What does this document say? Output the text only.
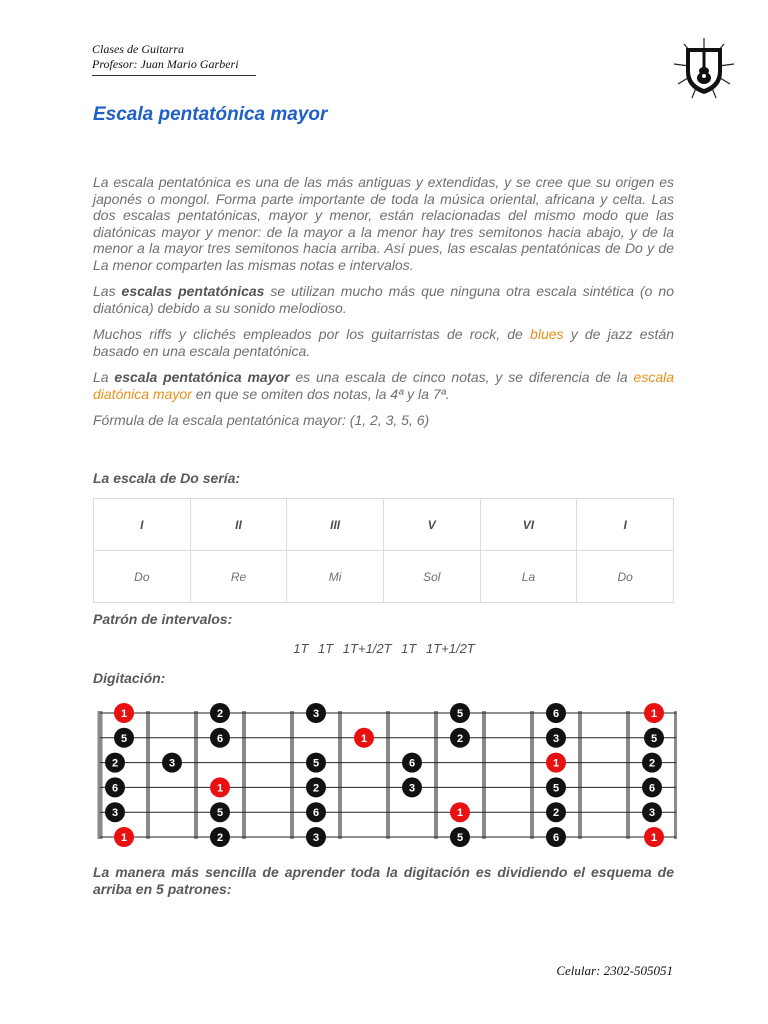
Clases de Guitarra
Profesor: Juan Mario Garberi
Escala pentatónica mayor

La escala pentatónica es una de las más antiguas y extendidas, y se cree que su origen es japonés o mongol. Forma parte importante de toda la música oriental, africana y celta. Las dos escalas pentatónicas, mayor y menor, están relacionadas del mismo modo que las diatónicas mayor y menor: de la mayor a la menor hay tres semitonos hacia abajo, y de la menor a la mayor tres semitonos hacia arriba. Así pues, las escalas pentatónicas de Do y de La menor comparten las mismas notas e intervalos.

Las escalas pentatónicas se utilizan mucho más que ninguna otra escala sintética (o no diatónica) debido a su sonido melodioso.

Muchos riffs y clichés empleados por los guitarristas de rock, de blues y de jazz están basado en una escala pentatónica.

La escala pentatónica mayor es una escala de cinco notas, y se diferencia de la escala diatónica mayor en que se omiten dos notas, la 4ª y la 7ª.

Fórmula de la escala pentatónica mayor: (1, 2, 3, 5, 6)

La escala de Do sería:
I	II	III	V	VI	I
Do	Re	Mi	Sol	La	Do
Patrón de intervalos:
1T 1T 1T+1/2T 1T 1T+1/2T
Digitación:
1	2	3	5	6	1
5	6	1	2	3	5
2	3	5	6	1	2
6	1	2	3	5	6
3	5	6	1	2	3
1	2	3	5	6	1

La manera más sencilla de aprender toda la digitación es dividiendo el esquema de arriba en 5 patrones:

Celular: 2302-505051
